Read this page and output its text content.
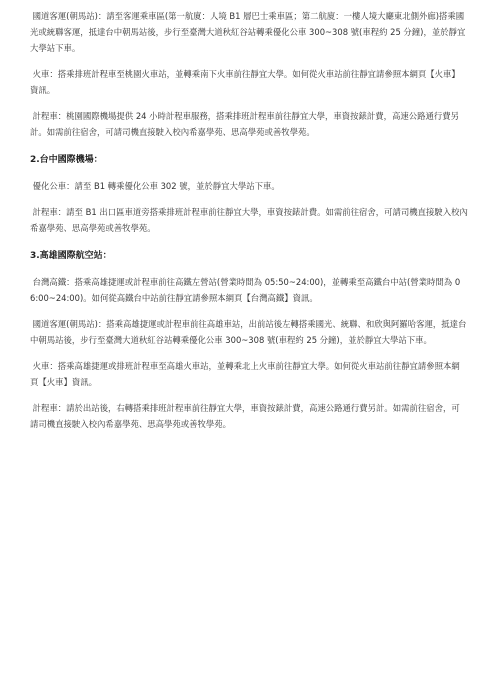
國道客運(朝馬站)：請至客運乘車區(第一航廈：人境 B1 層巴士乘車區；第二航廈：一樓人境大廳東北側外廊)搭乘國光或統聯客運，抵達台中朝馬站後，步行至臺灣大道秋紅谷站轉乘優化公車 300~308 號(車程約 25 分鐘)，並於靜宜大學站下車。

火車：搭乘排班計程車至桃園火車站，並轉乘南下火車前往靜宜大學。如何從火車站前往靜宜請參照本網頁【火車】資訊。

計程車：桃園國際機場提供 24 小時計程車服務，搭乘排班計程車前往靜宜大學，車資按錶計費，高速公路通行費另計。如需前往宿舍，可請司機直接駛入校內希嘉學苑、思高學苑或善牧學苑。

2.台中國際機場：

優化公車：請至 B1 轉乘優化公車 302 號，並於靜宜大學站下車。

計程車：請至 B1 出口區車道旁搭乘排班計程車前往靜宜大學，車資按錶計費。如需前往宿舍，可請司機直接駛入校內希嘉學苑、思高學苑或善牧學苑。

3.高雄國際航空站：

台灣高鐵：搭乘高雄捷運或計程車前往高鐵左營站(營業時間為 05:50~24:00)，並轉乘至高鐵台中站(營業時間為 06:00~24:00)。如何從高鐵台中站前往靜宜請參照本網頁【台灣高鐵】資訊。

國道客運(朝馬站)：搭乘高雄捷運或計程車前往高雄車站，出前站後左轉搭乘國光、統聯、和欣與阿羅哈客運，抵達台中朝馬站後，步行至臺灣大道秋紅谷站轉乘優化公車 300~308 號(車程約 25 分鐘)，並於靜宜大學站下車。

火車：搭乘高雄捷運或排班計程車至高雄火車站，並轉乘北上火車前往靜宜大學。如何從火車站前往靜宜請參照本網頁【火車】資訊。

計程車：請於出站後，右轉搭乘排班計程車前往靜宜大學，車資按錶計費，高速公路通行費另計。如需前往宿舍，可請司機直接駛入校內希嘉學苑、思高學苑或善牧學苑。
